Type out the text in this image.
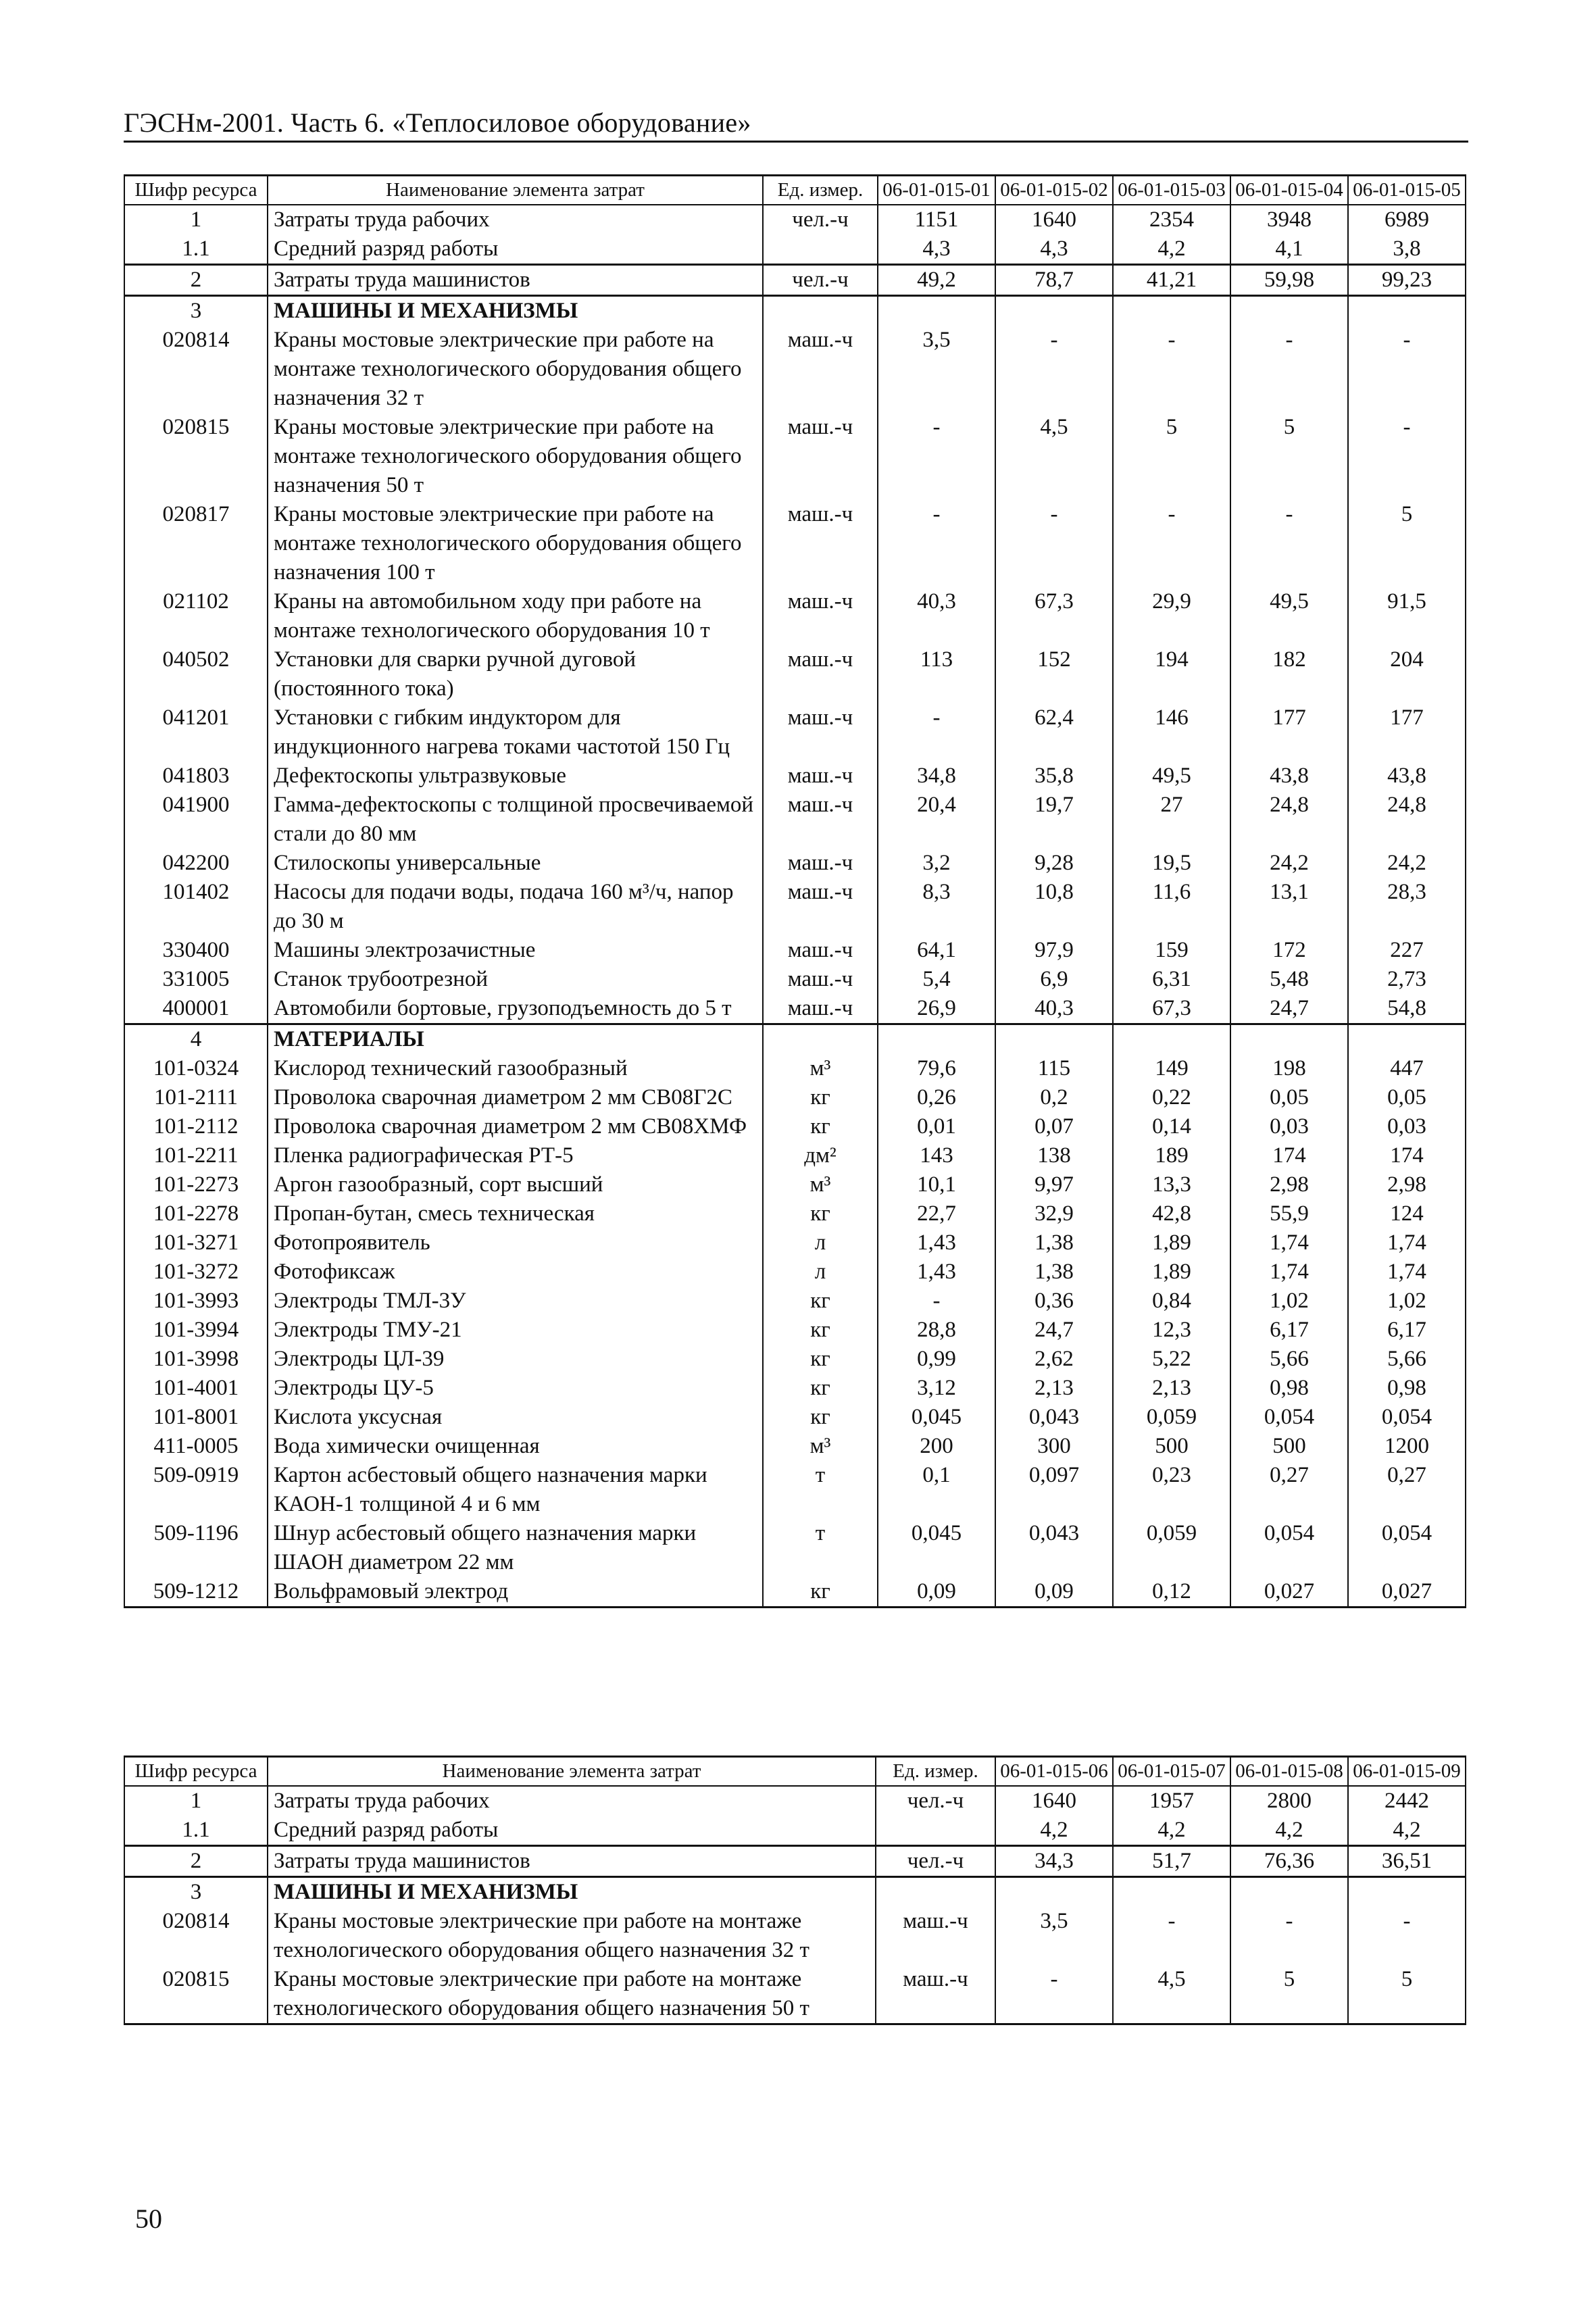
ГЭСНм-2001. Часть 6. «Теплосиловое оборудование»
Шифр ресурса	Наименование элемента затрат	Ед. измер.	06-01-015-01	06-01-015-02	06-01-015-03	06-01-015-04	06-01-015-05
1	Затраты труда рабочих	чел.-ч	1151	1640	2354	3948	6989
1.1	Средний разряд работы		4,3	4,3	4,2	4,1	3,8
2	Затраты труда машинистов	чел.-ч	49,2	78,7	41,21	59,98	99,23
3	МАШИНЫ И МЕХАНИЗМЫ						
020814	Краны мостовые электрические при работе на монтаже технологического оборудования общего назначения 32 т	маш.-ч	3,5	-	-	-	-
020815	Краны мостовые электрические при работе на монтаже технологического оборудования общего назначения 50 т	маш.-ч	-	4,5	5	5	-
020817	Краны мостовые электрические при работе на монтаже технологического оборудования общего назначения 100 т	маш.-ч	-	-	-	-	5
021102	Краны на автомобильном ходу при работе на монтаже технологического оборудования 10 т	маш.-ч	40,3	67,3	29,9	49,5	91,5
040502	Установки для сварки ручной дуговой (постоянного тока)	маш.-ч	113	152	194	182	204
041201	Установки с гибким индуктором для индукционного нагрева токами частотой 150 Гц	маш.-ч	-	62,4	146	177	177
041803	Дефектоскопы ультразвуковые	маш.-ч	34,8	35,8	49,5	43,8	43,8
041900	Гамма-дефектоскопы с толщиной просвечиваемой стали до 80 мм	маш.-ч	20,4	19,7	27	24,8	24,8
042200	Стилоскопы универсальные	маш.-ч	3,2	9,28	19,5	24,2	24,2
101402	Насосы для подачи воды, подача 160 м³/ч, напор до 30 м	маш.-ч	8,3	10,8	11,6	13,1	28,3
330400	Машины электрозачистные	маш.-ч	64,1	97,9	159	172	227
331005	Станок трубоотрезной	маш.-ч	5,4	6,9	6,31	5,48	2,73
400001	Автомобили бортовые, грузоподъемность до 5 т	маш.-ч	26,9	40,3	67,3	24,7	54,8
4	МАТЕРИАЛЫ						
101-0324	Кислород технический газообразный	м³	79,6	115	149	198	447
101-2111	Проволока сварочная диаметром 2 мм СВ08Г2С	кг	0,26	0,2	0,22	0,05	0,05
101-2112	Проволока сварочная диаметром 2 мм СВ08ХМФ	кг	0,01	0,07	0,14	0,03	0,03
101-2211	Пленка радиографическая РТ-5	дм²	143	138	189	174	174
101-2273	Аргон газообразный, сорт высший	м³	10,1	9,97	13,3	2,98	2,98
101-2278	Пропан-бутан, смесь техническая	кг	22,7	32,9	42,8	55,9	124
101-3271	Фотопроявитель	л	1,43	1,38	1,89	1,74	1,74
101-3272	Фотофиксаж	л	1,43	1,38	1,89	1,74	1,74
101-3993	Электроды ТМЛ-3У	кг	-	0,36	0,84	1,02	1,02
101-3994	Электроды ТМУ-21	кг	28,8	24,7	12,3	6,17	6,17
101-3998	Электроды ЦЛ-39	кг	0,99	2,62	5,22	5,66	5,66
101-4001	Электроды ЦУ-5	кг	3,12	2,13	2,13	0,98	0,98
101-8001	Кислота уксусная	кг	0,045	0,043	0,059	0,054	0,054
411-0005	Вода химически очищенная	м³	200	300	500	500	1200
509-0919	Картон асбестовый общего назначения марки КАОН-1 толщиной 4 и 6 мм	т	0,1	0,097	0,23	0,27	0,27
509-1196	Шнур асбестовый общего назначения марки ШАОН диаметром 22 мм	т	0,045	0,043	0,059	0,054	0,054
509-1212	Вольфрамовый электрод	кг	0,09	0,09	0,12	0,027	0,027
Шифр ресурса	Наименование элемента затрат	Ед. измер.	06-01-015-06	06-01-015-07	06-01-015-08	06-01-015-09
1	Затраты труда рабочих	чел.-ч	1640	1957	2800	2442
1.1	Средний разряд работы		4,2	4,2	4,2	4,2
2	Затраты труда машинистов	чел.-ч	34,3	51,7	76,36	36,51
3	МАШИНЫ И МЕХАНИЗМЫ					
020814	Краны мостовые электрические при работе на монтаже технологического оборудования общего назначения 32 т	маш.-ч	3,5	-	-	-
020815	Краны мостовые электрические при работе на монтаже технологического оборудования общего назначения 50 т	маш.-ч	-	4,5	5	5
50
